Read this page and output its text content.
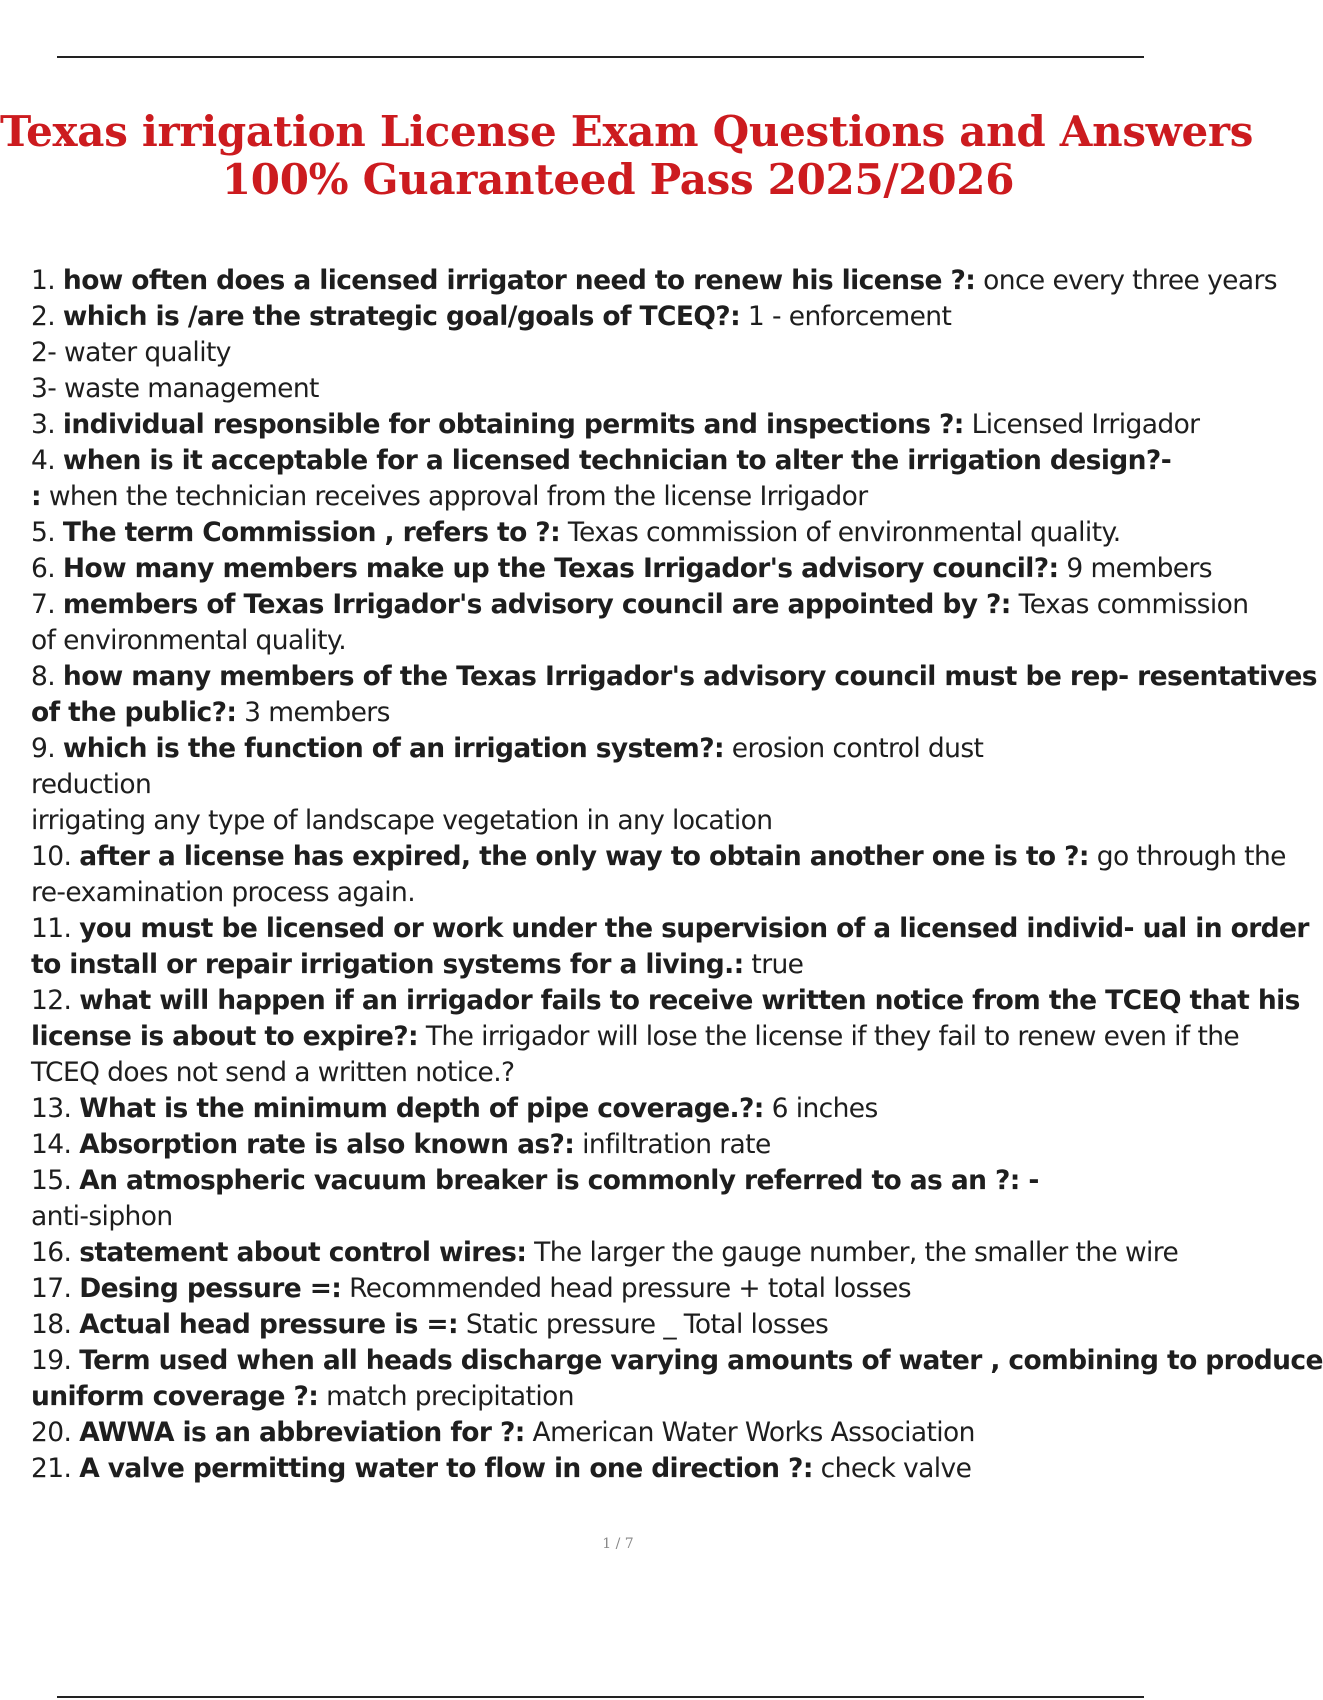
Texas irrigation License Exam Questions and Answers
100% Guaranteed Pass 2025/2026
1. how often does a licensed irrigator need to renew his license ?: once every three years
2. which is /are the strategic goal/goals of TCEQ?: 1 - enforcement
2- water quality
3- waste management
3. individual responsible for obtaining permits and inspections ?: Licensed Irrigador
4. when is it acceptable for a licensed technician to alter the irrigation design?-
: when the technician receives approval from the license Irrigador
5. The term Commission , refers to ?: Texas commission of environmental quality.
6. How many members make up the Texas Irrigador's advisory council?: 9 members
7. members of Texas Irrigador's advisory council are appointed by ?: Texas commission
of environmental quality.
8. how many members of the Texas Irrigador's advisory council must be rep- resentatives
of the public?: 3 members
9. which is the function of an irrigation system?: erosion control dust
reduction
irrigating any type of landscape vegetation in any location
10. after a license has expired, the only way to obtain another one is to ?: go through the
re-examination process again.
11. you must be licensed or work under the supervision of a licensed individ- ual in order
to install or repair irrigation systems for a living.: true
12. what will happen if an irrigador fails to receive written notice from the TCEQ that his
license is about to expire?: The irrigador will lose the license if they fail to renew even if the
TCEQ does not send a written notice.?
13. What is the minimum depth of pipe coverage.?: 6 inches
14. Absorption rate is also known as?: infiltration rate
15. An atmospheric vacuum breaker is commonly referred to as an ?: -
anti-siphon
16. statement about control wires: The larger the gauge number, the smaller the wire
17. Desing pessure =: Recommended head pressure + total losses
18. Actual head pressure is =: Static pressure _ Total losses
19. Term used when all heads discharge varying amounts of water , combining to produce
uniform coverage ?: match precipitation
20. AWWA is an abbreviation for ?: American Water Works Association
21. A valve permitting water to flow in one direction ?: check valve
1 / 7
